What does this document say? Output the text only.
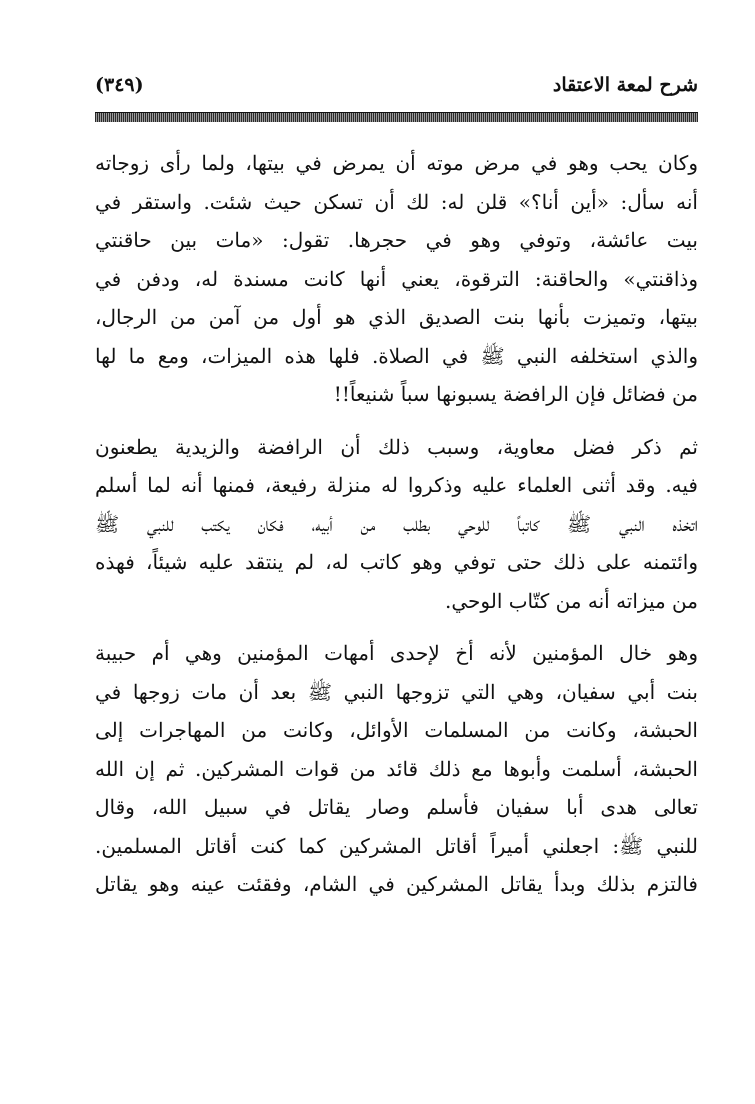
شرح لمعة الاعتقاد
(٣٤٩)
وكان يحب وهو في مرض موته أن يمرض في بيتها، ولما رأى زوجاته
أنه سأل: «أين أنا؟» قلن له: لك أن تسكن حيث شئت. واستقر في
بيت عائشة، وتوفي وهو في حجرها. تقول: «مات بين حاقنتي
وذاقنتي» والحاقنة: الترقوة، يعني أنها كانت مسندة له، ودفن في
بيتها، وتميزت بأنها بنت الصديق الذي هو أول من آمن من الرجال،
والذي استخلفه النبي ﷺ في الصلاة. فلها هذه الميزات، ومع ما لها
من فضائل فإن الرافضة يسبونها سباً شنيعاً!!
ثم ذكر فضل معاوية، وسبب ذلك أن الرافضة والزيدية يطعنون
فيه. وقد أثنى العلماء عليه وذكروا له منزلة رفيعة، فمنها أنه لما أسلم
اتخذه النبي ﷺ كاتباً للوحي بطلب من أبيه، فكان يكتب للنبي ﷺ
وائتمنه على ذلك حتى توفي وهو كاتب له، لم ينتقد عليه شيئاً، فهذه
من ميزاته أنه من كتّاب الوحي.
وهو خال المؤمنين لأنه أخ لإحدى أمهات المؤمنين وهي أم حبيبة
بنت أبي سفيان، وهي التي تزوجها النبي ﷺ بعد أن مات زوجها في
الحبشة، وكانت من المسلمات الأوائل، وكانت من المهاجرات إلى
الحبشة، أسلمت وأبوها مع ذلك قائد من قوات المشركين. ثم إن الله
تعالى هدى أبا سفيان فأسلم وصار يقاتل في سبيل الله، وقال
للنبي ﷺ: اجعلني أميراً أقاتل المشركين كما كنت أقاتل المسلمين.
فالتزم بذلك وبدأ يقاتل المشركين في الشام، وفقئت عينه وهو يقاتل
